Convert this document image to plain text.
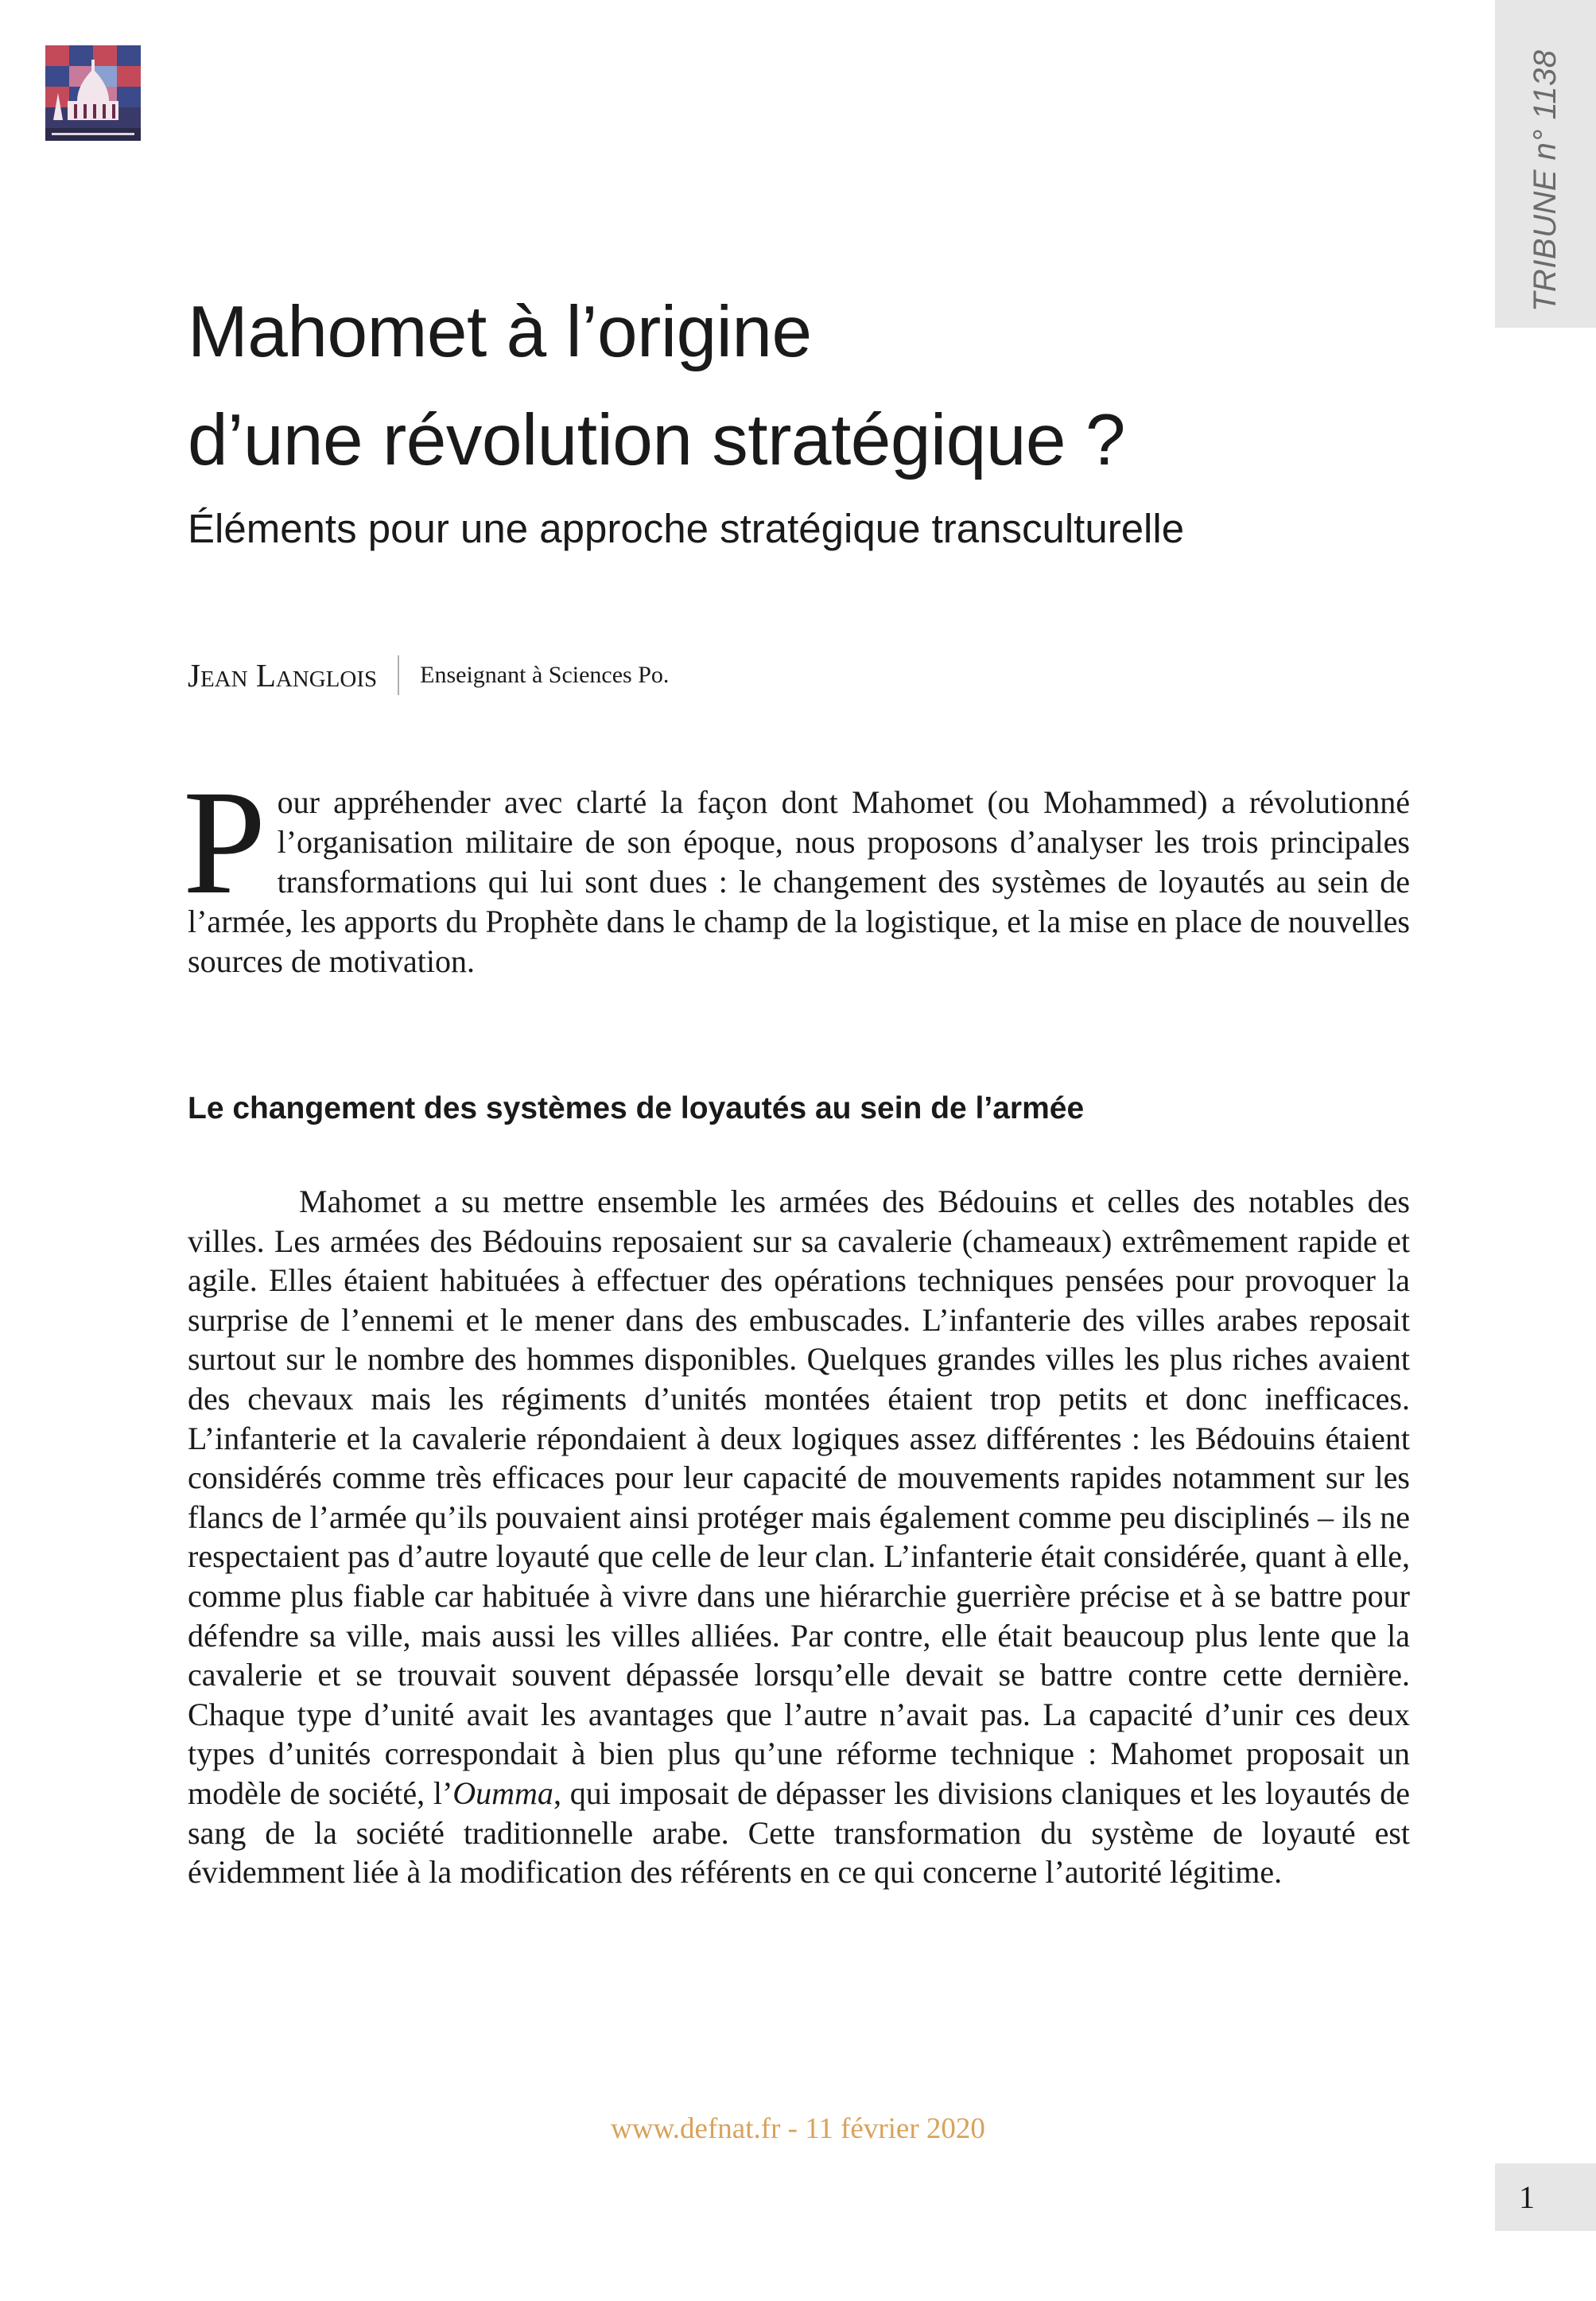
TRIBUNE n° 1138
Mahomet à l’origine
d’une révolution stratégique ?
Éléments pour une approche stratégique transculturelle
Jean Langlois Enseignant à Sciences Po.

Pour appréhender avec clarté la façon dont Mahomet (ou Mohammed) a révolutionné l’organisation militaire de son époque, nous proposons d’analyser les trois principales transformations qui lui sont dues : le changement des systèmes de loyautés au sein de l’armée, les apports du Prophète dans le champ de la logistique, et la mise en place de nouvelles sources de motivation.

Le changement des systèmes de loyautés au sein de l’armée

Mahomet a su mettre ensemble les armées des Bédouins et celles des notables des villes. Les armées des Bédouins reposaient sur sa cavalerie (chameaux) extrêmement rapide et agile. Elles étaient habituées à effectuer des opérations techniques pensées pour provoquer la surprise de l’ennemi et le mener dans des embuscades. L’infanterie des villes arabes reposait surtout sur le nombre des hommes disponibles. Quelques grandes villes les plus riches avaient des chevaux mais les régiments d’unités montées étaient trop petits et donc inefficaces. L’infanterie et la cavalerie répondaient à deux logiques assez différentes : les Bédouins étaient considérés comme très efficaces pour leur capacité de mouvements rapides notamment sur les flancs de l’armée qu’ils pouvaient ainsi protéger mais également comme peu disciplinés – ils ne respectaient pas d’autre loyauté que celle de leur clan. L’infanterie était considérée, quant à elle, comme plus fiable car habituée à vivre dans une hiérarchie guerrière précise et à se battre pour défendre sa ville, mais aussi les villes alliées. Par contre, elle était beaucoup plus lente que la cavalerie et se trouvait souvent dépassée lorsqu’elle devait se battre contre cette dernière. Chaque type d’unité avait les avantages que l’autre n’avait pas. La capacité d’unir ces deux types d’unités correspondait à bien plus qu’une réforme technique : Mahomet proposait un modèle de société, l’Oumma, qui imposait de dépasser les divisions claniques et les loyautés de sang de la société traditionnelle arabe. Cette transformation du système de loyauté est évidemment liée à la modification des référents en ce qui concerne l’autorité légitime.

www.defnat.fr - 11 février 2020
1
